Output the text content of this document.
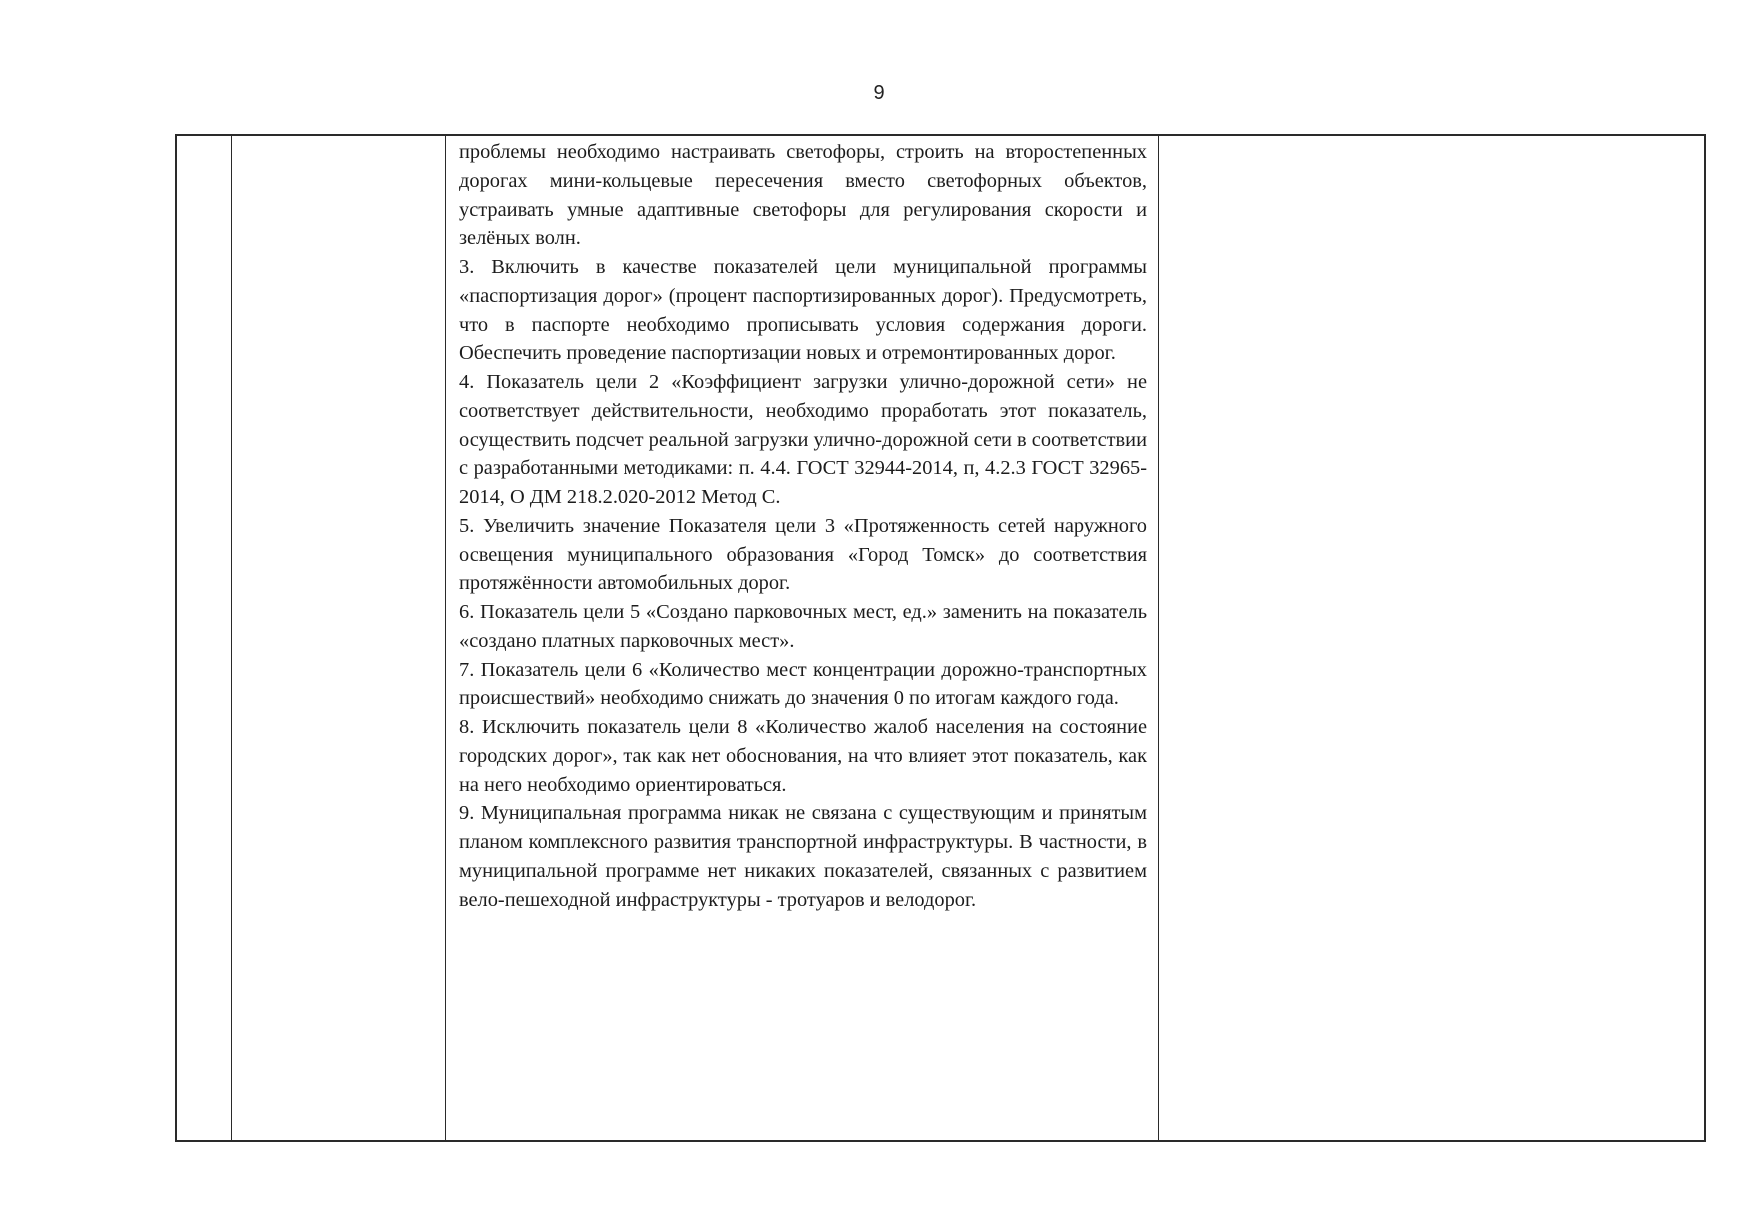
9

проблемы необходимо настраивать светофоры, строить на второстепенных дорогах мини-кольцевые пересечения вместо светофорных объектов, устраивать умные адаптивные светофоры для регулирования скорости и зелёных волн.

3. Включить в качестве показателей цели муниципальной программы «паспортизация дорог» (процент паспортизированных дорог). Предусмотреть, что в паспорте необходимо прописывать условия содержания дороги. Обеспечить проведение паспортизации новых и отремонтированных дорог.

4. Показатель цели 2 «Коэффициент загрузки улично-дорожной сети» не соответствует действительности, необходимо проработать этот показатель, осуществить подсчет реальной загрузки улично-дорожной сети в соответствии с разработанными методиками: п. 4.4. ГОСТ 32944-2014, п, 4.2.3 ГОСТ 32965-2014, О ДМ 218.2.020-2012 Метод С.

5. Увеличить значение Показателя цели 3 «Протяженность сетей наружного освещения муниципального образования «Город Томск» до соответствия протяжённости автомобильных дорог.

6. Показатель цели 5 «Создано парковочных мест, ед.» заменить на показатель «создано платных парковочных мест».

7. Показатель цели 6 «Количество мест концентрации дорожно-транспортных происшествий» необходимо снижать до значения 0 по итогам каждого года.

8. Исключить показатель цели 8 «Количество жалоб населения на состояние городских дорог», так как нет обоснования, на что влияет этот показатель, как на него необходимо ориентироваться.

9. Муниципальная программа никак не связана с существующим и принятым планом комплексного развития транспортной инфраструктуры. В частности, в муниципальной программе нет никаких показателей, связанных с развитием вело-пешеходной инфраструктуры - тротуаров и велодорог.
